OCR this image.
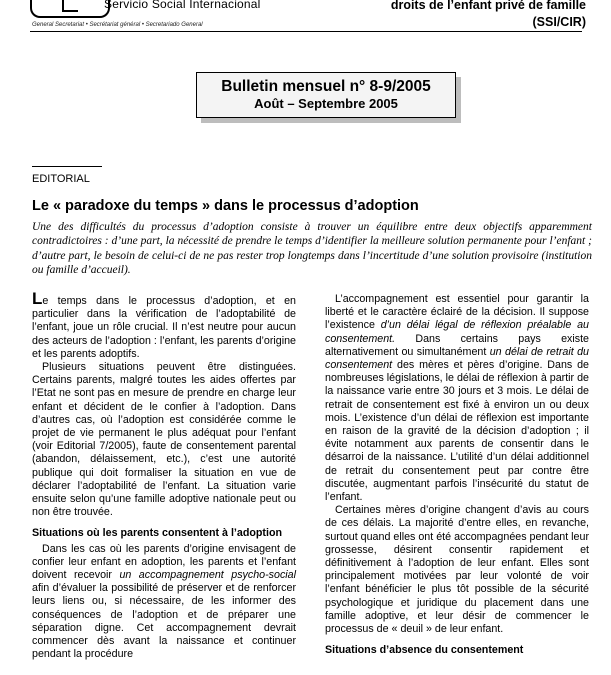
Servicio Social Internacional
General Secretariat • Secrétariat général • Secretariado General
droits de l’enfant privé de famille
(SSI/CIR)
Bulletin mensuel n° 8-9/2005
Août – Septembre 2005
EDITORIAL
Le « paradoxe du temps » dans le processus d’adoption
Une des difficultés du processus d’adoption consiste à trouver un équilibre entre deux objectifs apparemment contradictoires : d’une part, la nécessité de prendre le temps d’identifier la meilleure solution permanente pour l’enfant ; d’autre part, le besoin de celui-ci de ne pas rester trop longtemps dans l’incertitude d’une solution provisoire (institution ou famille d’accueil).

Le temps dans le processus d’adoption, et en particulier dans la vérification de l’adoptabilité de l’enfant, joue un rôle crucial. Il n’est neutre pour aucun des acteurs de l’adoption : l’enfant, les parents d’origine et les parents adoptifs.

Plusieurs situations peuvent être distinguées. Certains parents, malgré toutes les aides offertes par l’Etat ne sont pas en mesure de prendre en charge leur enfant et décident de le confier à l’adoption. Dans d’autres cas, où l’adoption est considérée comme le projet de vie permanent le plus adéquat pour l’enfant (voir Editorial 7/2005), faute de consentement parental (abandon, délaissement, etc.), c’est une autorité publique qui doit formaliser la situation en vue de déclarer l’adoptabilité de l’enfant. La situation varie ensuite selon qu’une famille adoptive nationale peut ou non être trouvée.

Situations où les parents consentent à l’adoption

Dans les cas où les parents d’origine envisagent de confier leur enfant en adoption, les parents et l’enfant doivent recevoir un accompagnement psycho-social afin d’évaluer la possibilité de préserver et de renforcer leurs liens ou, si nécessaire, de les informer des conséquences de l’adoption et de préparer une séparation digne. Cet accompagnement devrait commencer dès avant la naissance et continuer pendant la procédure

L’accompagnement est essentiel pour garantir la liberté et le caractère éclairé de la décision. Il suppose l’existence d’un délai légal de réflexion préalable au consentement. Dans certains pays existe alternativement ou simultanément un délai de retrait du consentement des mères et pères d’origine. Dans de nombreuses législations, le délai de réflexion à partir de la naissance varie entre 30 jours et 3 mois. Le délai de retrait de consentement est fixé à environ un ou deux mois. L’existence d’un délai de réflexion est importante en raison de la gravité de la décision d’adoption ; il évite notamment aux parents de consentir dans le désarroi de la naissance. L’utilité d’un délai additionnel de retrait du consentement peut par contre être discutée, augmentant parfois l’insécurité du statut de l’enfant.

Certaines mères d’origine changent d’avis au cours de ces délais. La majorité d’entre elles, en revanche, surtout quand elles ont été accompagnées pendant leur grossesse, désirent consentir rapidement et définitivement à l’adoption de leur enfant. Elles sont principalement motivées par leur volonté de voir l’enfant bénéficier le plus tôt possible de la sécurité psychologique et juridique du placement dans une famille adoptive, et leur désir de commencer le processus de « deuil » de leur enfant.

Situations d’absence du consentement
